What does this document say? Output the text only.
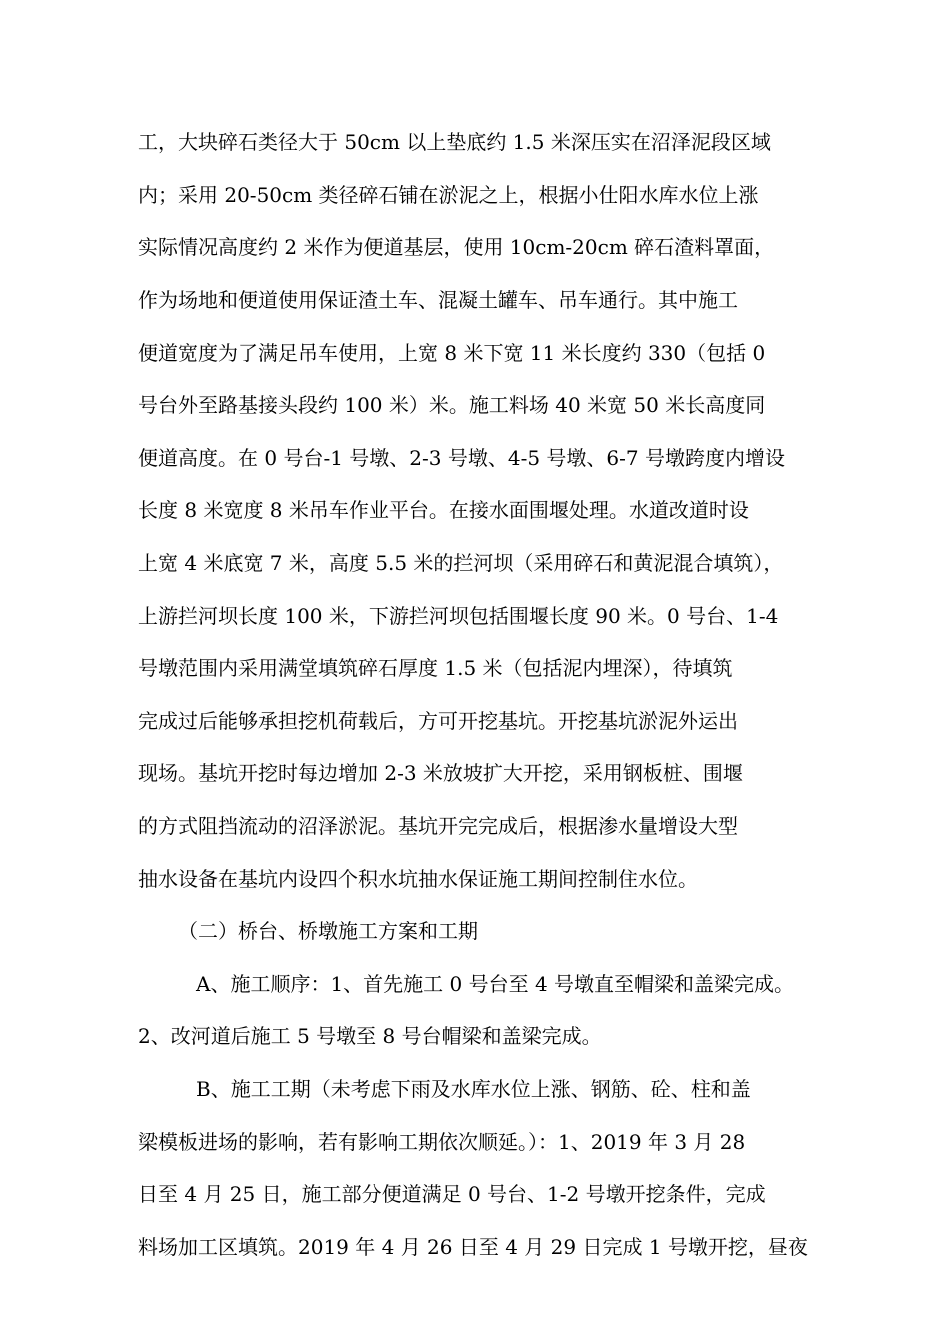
工，大块碎石类径大于 50cm 以上垫底约 1.5 米深压实在沼泽泥段区域
内；采用 20-50cm 类径碎石铺在淤泥之上，根据小仕阳水库水位上涨
实际情况高度约 2 米作为便道基层，使用 10cm-20cm 碎石渣料罩面，
作为场地和便道使用保证渣土车、混凝土罐车、吊车通行。其中施工
便道宽度为了满足吊车使用，上宽 8 米下宽 11 米长度约 330（包括 0
号台外至路基接头段约 100 米）米。施工料场 40 米宽 50 米长高度同
便道高度。在 0 号台-1 号墩、2-3 号墩、4-5 号墩、6-7 号墩跨度内增设
长度 8 米宽度 8 米吊车作业平台。在接水面围堰处理。水道改道时设
上宽 4 米底宽 7 米，高度 5.5 米的拦河坝（采用碎石和黄泥混合填筑），
上游拦河坝长度 100 米，下游拦河坝包括围堰长度 90 米。0 号台、1-4
号墩范围内采用满堂填筑碎石厚度 1.5 米（包括泥内埋深），待填筑
完成过后能够承担挖机荷载后，方可开挖基坑。开挖基坑淤泥外运出
现场。基坑开挖时每边增加 2-3 米放坡扩大开挖，采用钢板桩、围堰
的方式阻挡流动的沼泽淤泥。基坑开完完成后，根据渗水量增设大型
抽水设备在基坑内设四个积水坑抽水保证施工期间控制住水位。
（二）桥台、桥墩施工方案和工期
A、施工顺序：1、首先施工 0 号台至 4 号墩直至帽梁和盖梁完成。
2、改河道后施工 5 号墩至 8 号台帽梁和盖梁完成。
B、施工工期（未考虑下雨及水库水位上涨、钢筋、砼、柱和盖
梁模板进场的影响，若有影响工期依次顺延。）：1、2019 年 3 月 28
日至 4 月 25 日，施工部分便道满足 0 号台、1-2 号墩开挖条件，完成
料场加工区填筑。2019 年 4 月 26 日至 4 月 29 日完成 1 号墩开挖，昼夜
